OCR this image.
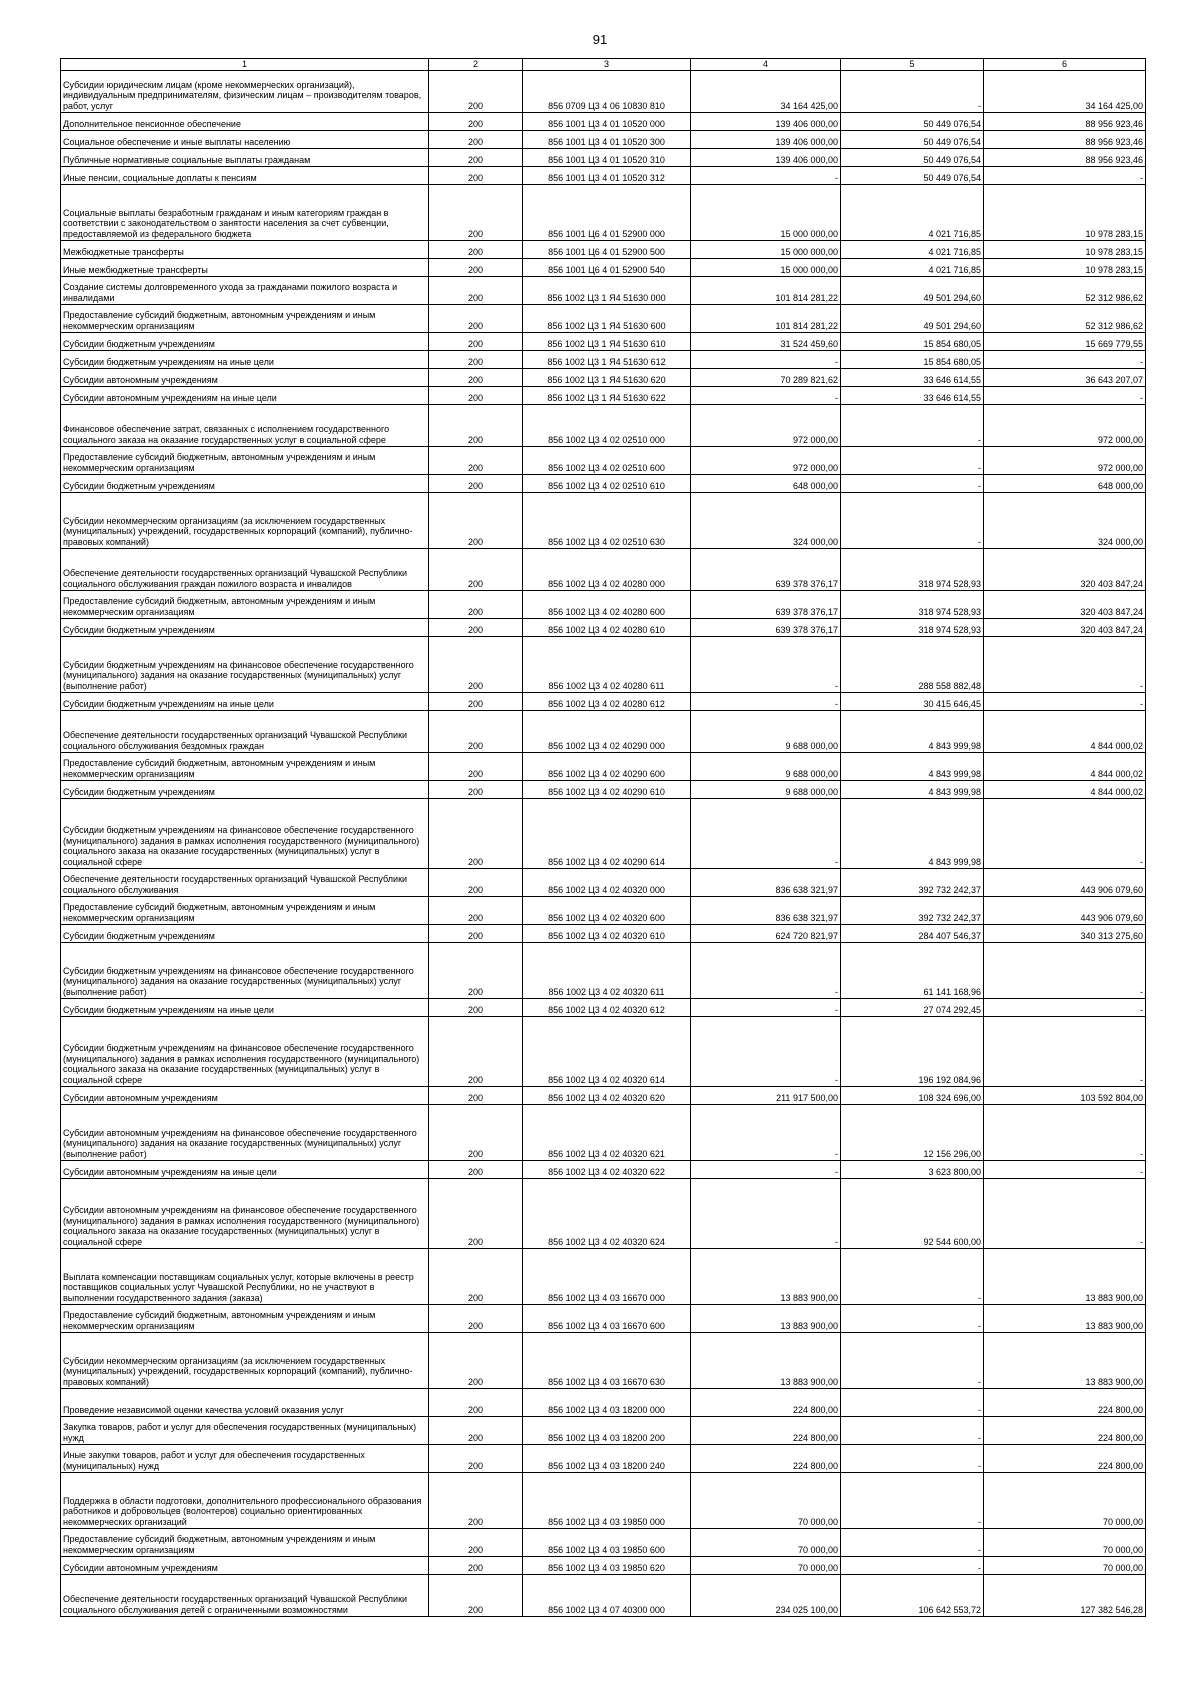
91
1	2	3	4	5	6

Субсидии юридическим лицам (кроме некоммерческих организаций), индивидуальным предпринимателям, физическим лицам – производителям товаров, работ, услуг	200	856 0709 Ц3 4 06 10830 810	34 164 425,00	-	34 164 425,00

Дополнительное пенсионное обеспечение	200	856 1001 Ц3 4 01 10520 000	139 406 000,00	50 449 076,54	88 956 923,46

Социальное обеспечение и иные выплаты населению	200	856 1001 Ц3 4 01 10520 300	139 406 000,00	50 449 076,54	88 956 923,46

Публичные нормативные социальные выплаты гражданам	200	856 1001 Ц3 4 01 10520 310	139 406 000,00	50 449 076,54	88 956 923,46

Иные пенсии, социальные доплаты к пенсиям	200	856 1001 Ц3 4 01 10520 312	-	50 449 076,54	-

Социальные выплаты безработным гражданам и иным категориям граждан в соответствии с законодательством о занятости населения за счет субвенции, предоставляемой из федерального бюджета	200	856 1001 Ц6 4 01 52900 000	15 000 000,00	4 021 716,85	10 978 283,15

Межбюджетные трансферты	200	856 1001 Ц6 4 01 52900 500	15 000 000,00	4 021 716,85	10 978 283,15

Иные межбюджетные трансферты	200	856 1001 Ц6 4 01 52900 540	15 000 000,00	4 021 716,85	10 978 283,15

Создание системы долговременного ухода за гражданами пожилого возраста и инвалидами	200	856 1002 Ц3 1 Я4 51630 000	101 814 281,22	49 501 294,60	52 312 986,62

Предоставление субсидий бюджетным, автономным учреждениям и иным некоммерческим организациям	200	856 1002 Ц3 1 Я4 51630 600	101 814 281,22	49 501 294,60	52 312 986,62

Субсидии бюджетным учреждениям	200	856 1002 Ц3 1 Я4 51630 610	31 524 459,60	15 854 680,05	15 669 779,55

Субсидии бюджетным учреждениям на иные цели	200	856 1002 Ц3 1 Я4 51630 612	-	15 854 680,05	-

Субсидии автономным учреждениям	200	856 1002 Ц3 1 Я4 51630 620	70 289 821,62	33 646 614,55	36 643 207,07

Субсидии автономным учреждениям на иные цели	200	856 1002 Ц3 1 Я4 51630 622	-	33 646 614,55	-

Финансовое обеспечение затрат, связанных с исполнением государственного социального заказа на оказание государственных услуг в социальной сфере	200	856 1002 Ц3 4 02 02510 000	972 000,00	-	972 000,00

Предоставление субсидий бюджетным, автономным учреждениям и иным некоммерческим организациям	200	856 1002 Ц3 4 02 02510 600	972 000,00	-	972 000,00

Субсидии бюджетным учреждениям	200	856 1002 Ц3 4 02 02510 610	648 000,00	-	648 000,00

Субсидии некоммерческим организациям (за исключением государственных (муниципальных) учреждений, государственных корпораций (компаний), публично-правовых компаний)	200	856 1002 Ц3 4 02 02510 630	324 000,00	-	324 000,00

Обеспечение деятельности государственных организаций Чувашской Республики социального обслуживания граждан пожилого возраста и инвалидов	200	856 1002 Ц3 4 02 40280 000	639 378 376,17	318 974 528,93	320 403 847,24

Предоставление субсидий бюджетным, автономным учреждениям и иным некоммерческим организациям	200	856 1002 Ц3 4 02 40280 600	639 378 376,17	318 974 528,93	320 403 847,24

Субсидии бюджетным учреждениям	200	856 1002 Ц3 4 02 40280 610	639 378 376,17	318 974 528,93	320 403 847,24

Субсидии бюджетным учреждениям на финансовое обеспечение государственного (муниципального) задания на оказание государственных (муниципальных) услуг (выполнение работ)	200	856 1002 Ц3 4 02 40280 611	-	288 558 882,48	-

Субсидии бюджетным учреждениям на иные цели	200	856 1002 Ц3 4 02 40280 612	-	30 415 646,45	-

Обеспечение деятельности государственных организаций Чувашской Республики социального обслуживания бездомных граждан	200	856 1002 Ц3 4 02 40290 000	9 688 000,00	4 843 999,98	4 844 000,02

Предоставление субсидий бюджетным, автономным учреждениям и иным некоммерческим организациям	200	856 1002 Ц3 4 02 40290 600	9 688 000,00	4 843 999,98	4 844 000,02

Субсидии бюджетным учреждениям	200	856 1002 Ц3 4 02 40290 610	9 688 000,00	4 843 999,98	4 844 000,02

Субсидии бюджетным учреждениям на финансовое обеспечение государственного (муниципального) задания в рамках исполнения государственного (муниципального) социального заказа на оказание государственных (муниципальных) услуг в социальной сфере	200	856 1002 Ц3 4 02 40290 614	-	4 843 999,98	-

Обеспечение деятельности государственных организаций Чувашской Республики социального обслуживания	200	856 1002 Ц3 4 02 40320 000	836 638 321,97	392 732 242,37	443 906 079,60

Предоставление субсидий бюджетным, автономным учреждениям и иным некоммерческим организациям	200	856 1002 Ц3 4 02 40320 600	836 638 321,97	392 732 242,37	443 906 079,60

Субсидии бюджетным учреждениям	200	856 1002 Ц3 4 02 40320 610	624 720 821,97	284 407 546,37	340 313 275,60

Субсидии бюджетным учреждениям на финансовое обеспечение государственного (муниципального) задания на оказание государственных (муниципальных) услуг (выполнение работ)	200	856 1002 Ц3 4 02 40320 611	-	61 141 168,96	-

Субсидии бюджетным учреждениям на иные цели	200	856 1002 Ц3 4 02 40320 612	-	27 074 292,45	-

Субсидии бюджетным учреждениям на финансовое обеспечение государственного (муниципального) задания в рамках исполнения государственного (муниципального) социального заказа на оказание государственных (муниципальных) услуг в социальной сфере	200	856 1002 Ц3 4 02 40320 614	-	196 192 084,96	-

Субсидии автономным учреждениям	200	856 1002 Ц3 4 02 40320 620	211 917 500,00	108 324 696,00	103 592 804,00

Субсидии автономным учреждениям на финансовое обеспечение государственного (муниципального) задания на оказание государственных (муниципальных) услуг (выполнение работ)	200	856 1002 Ц3 4 02 40320 621	-	12 156 296,00	-

Субсидии автономным учреждениям на иные цели	200	856 1002 Ц3 4 02 40320 622	-	3 623 800,00	-

Субсидии автономным учреждениям на финансовое обеспечение государственного (муниципального) задания в рамках исполнения государственного (муниципального) социального заказа на оказание государственных (муниципальных) услуг в социальной сфере	200	856 1002 Ц3 4 02 40320 624	-	92 544 600,00	-

Выплата компенсации поставщикам социальных услуг, которые включены в реестр поставщиков социальных услуг Чувашской Республики, но не участвуют в выполнении государственного задания (заказа)	200	856 1002 Ц3 4 03 16670 000	13 883 900,00	-	13 883 900,00

Предоставление субсидий бюджетным, автономным учреждениям и иным некоммерческим организациям	200	856 1002 Ц3 4 03 16670 600	13 883 900,00	-	13 883 900,00

Субсидии некоммерческим организациям (за исключением государственных (муниципальных) учреждений, государственных корпораций (компаний), публично-правовых компаний)	200	856 1002 Ц3 4 03 16670 630	13 883 900,00	-	13 883 900,00

Проведение независимой оценки качества условий оказания услуг	200	856 1002 Ц3 4 03 18200 000	224 800,00	-	224 800,00

Закупка товаров, работ и услуг для обеспечения государственных (муниципальных) нужд	200	856 1002 Ц3 4 03 18200 200	224 800,00	-	224 800,00

Иные закупки товаров, работ и услуг для обеспечения государственных (муниципальных) нужд	200	856 1002 Ц3 4 03 18200 240	224 800,00	-	224 800,00

Поддержка в области подготовки, дополнительного профессионального образования работников и добровольцев (волонтеров) социально ориентированных некоммерческих организаций	200	856 1002 Ц3 4 03 19850 000	70 000,00	-	70 000,00

Предоставление субсидий бюджетным, автономным учреждениям и иным некоммерческим организациям	200	856 1002 Ц3 4 03 19850 600	70 000,00	-	70 000,00

Субсидии автономным учреждениям	200	856 1002 Ц3 4 03 19850 620	70 000,00	-	70 000,00

Обеспечение деятельности государственных организаций Чувашской Республики социального обслуживания детей с ограниченными возможностями	200	856 1002 Ц3 4 07 40300 000	234 025 100,00	106 642 553,72	127 382 546,28
